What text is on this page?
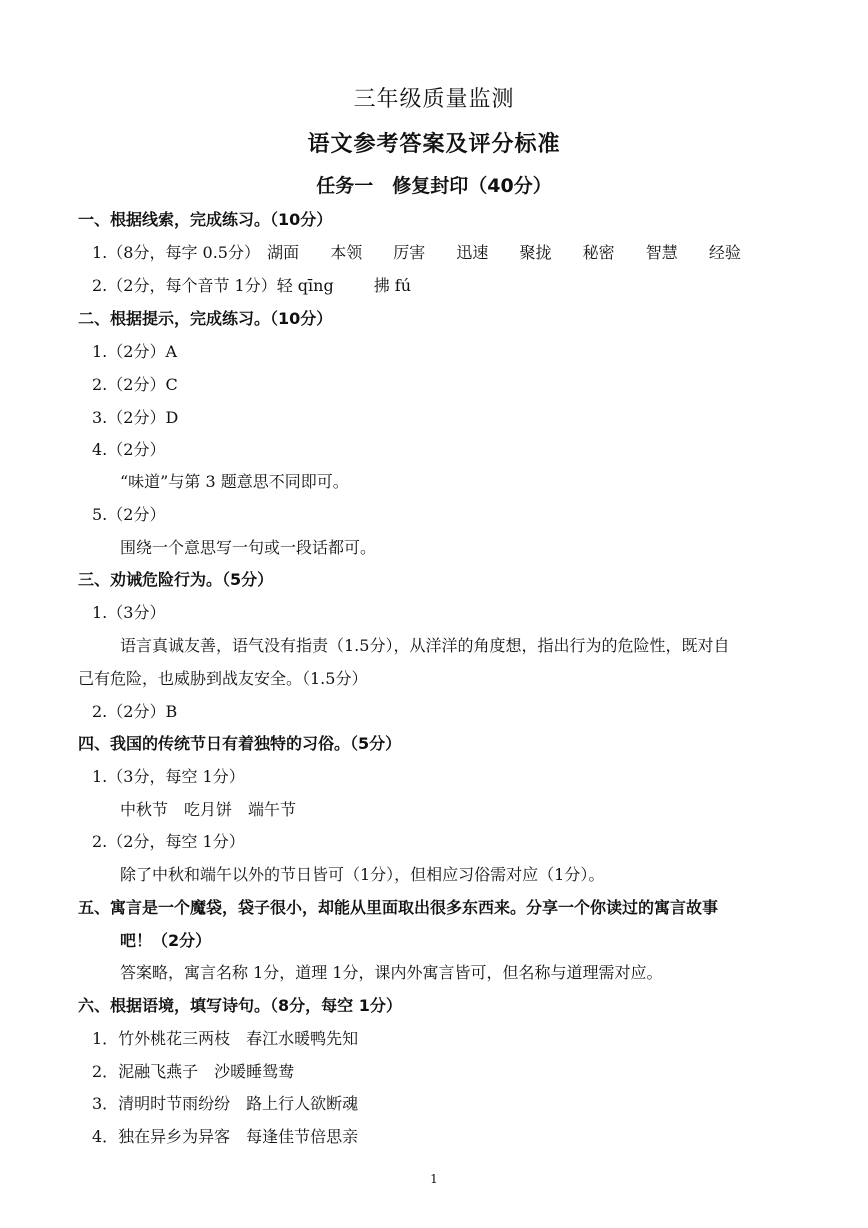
三年级质量监测
语文参考答案及评分标准
任务一　修复封印（40分）
一、根据线索，完成练习。（10分）
1.（8分，每字 0.5分） 湖面 本领 厉害 迅速 聚拢 秘密 智慧 经验
2.（2分，每个音节 1分）轻 qīng	拂 fú
二、根据提示，完成练习。（10分）
1.（2分）A
2.（2分）C
3.（2分）D
4.（2分）
“味道”与第 3 题意思不同即可。
5.（2分）
围绕一个意思写一句或一段话都可。
三、劝诫危险行为。（5分）
1.（3分）
语言真诚友善，语气没有指责（1.5分），从洋洋的角度想，指出行为的危险性，既对自
己有危险，也威胁到战友安全。（1.5分）
2.（2分）B
四、我国的传统节日有着独特的习俗。（5分）
1.（3分，每空 1分）
中秋节　吃月饼　端午节
2.（2分，每空 1分）
除了中秋和端午以外的节日皆可（1分），但相应习俗需对应（1分）。
五、寓言是一个魔袋，袋子很小，却能从里面取出很多东西来。分享一个你读过的寓言故事
吧！（2分）
答案略，寓言名称 1分，道理 1分，课内外寓言皆可，但名称与道理需对应。
六、根据语境，填写诗句。（8分，每空 1分）
1．竹外桃花三两枝　春江水暖鸭先知
2．泥融飞燕子　沙暖睡鸳鸯
3．清明时节雨纷纷　路上行人欲断魂
4．独在异乡为异客　每逢佳节倍思亲
1
